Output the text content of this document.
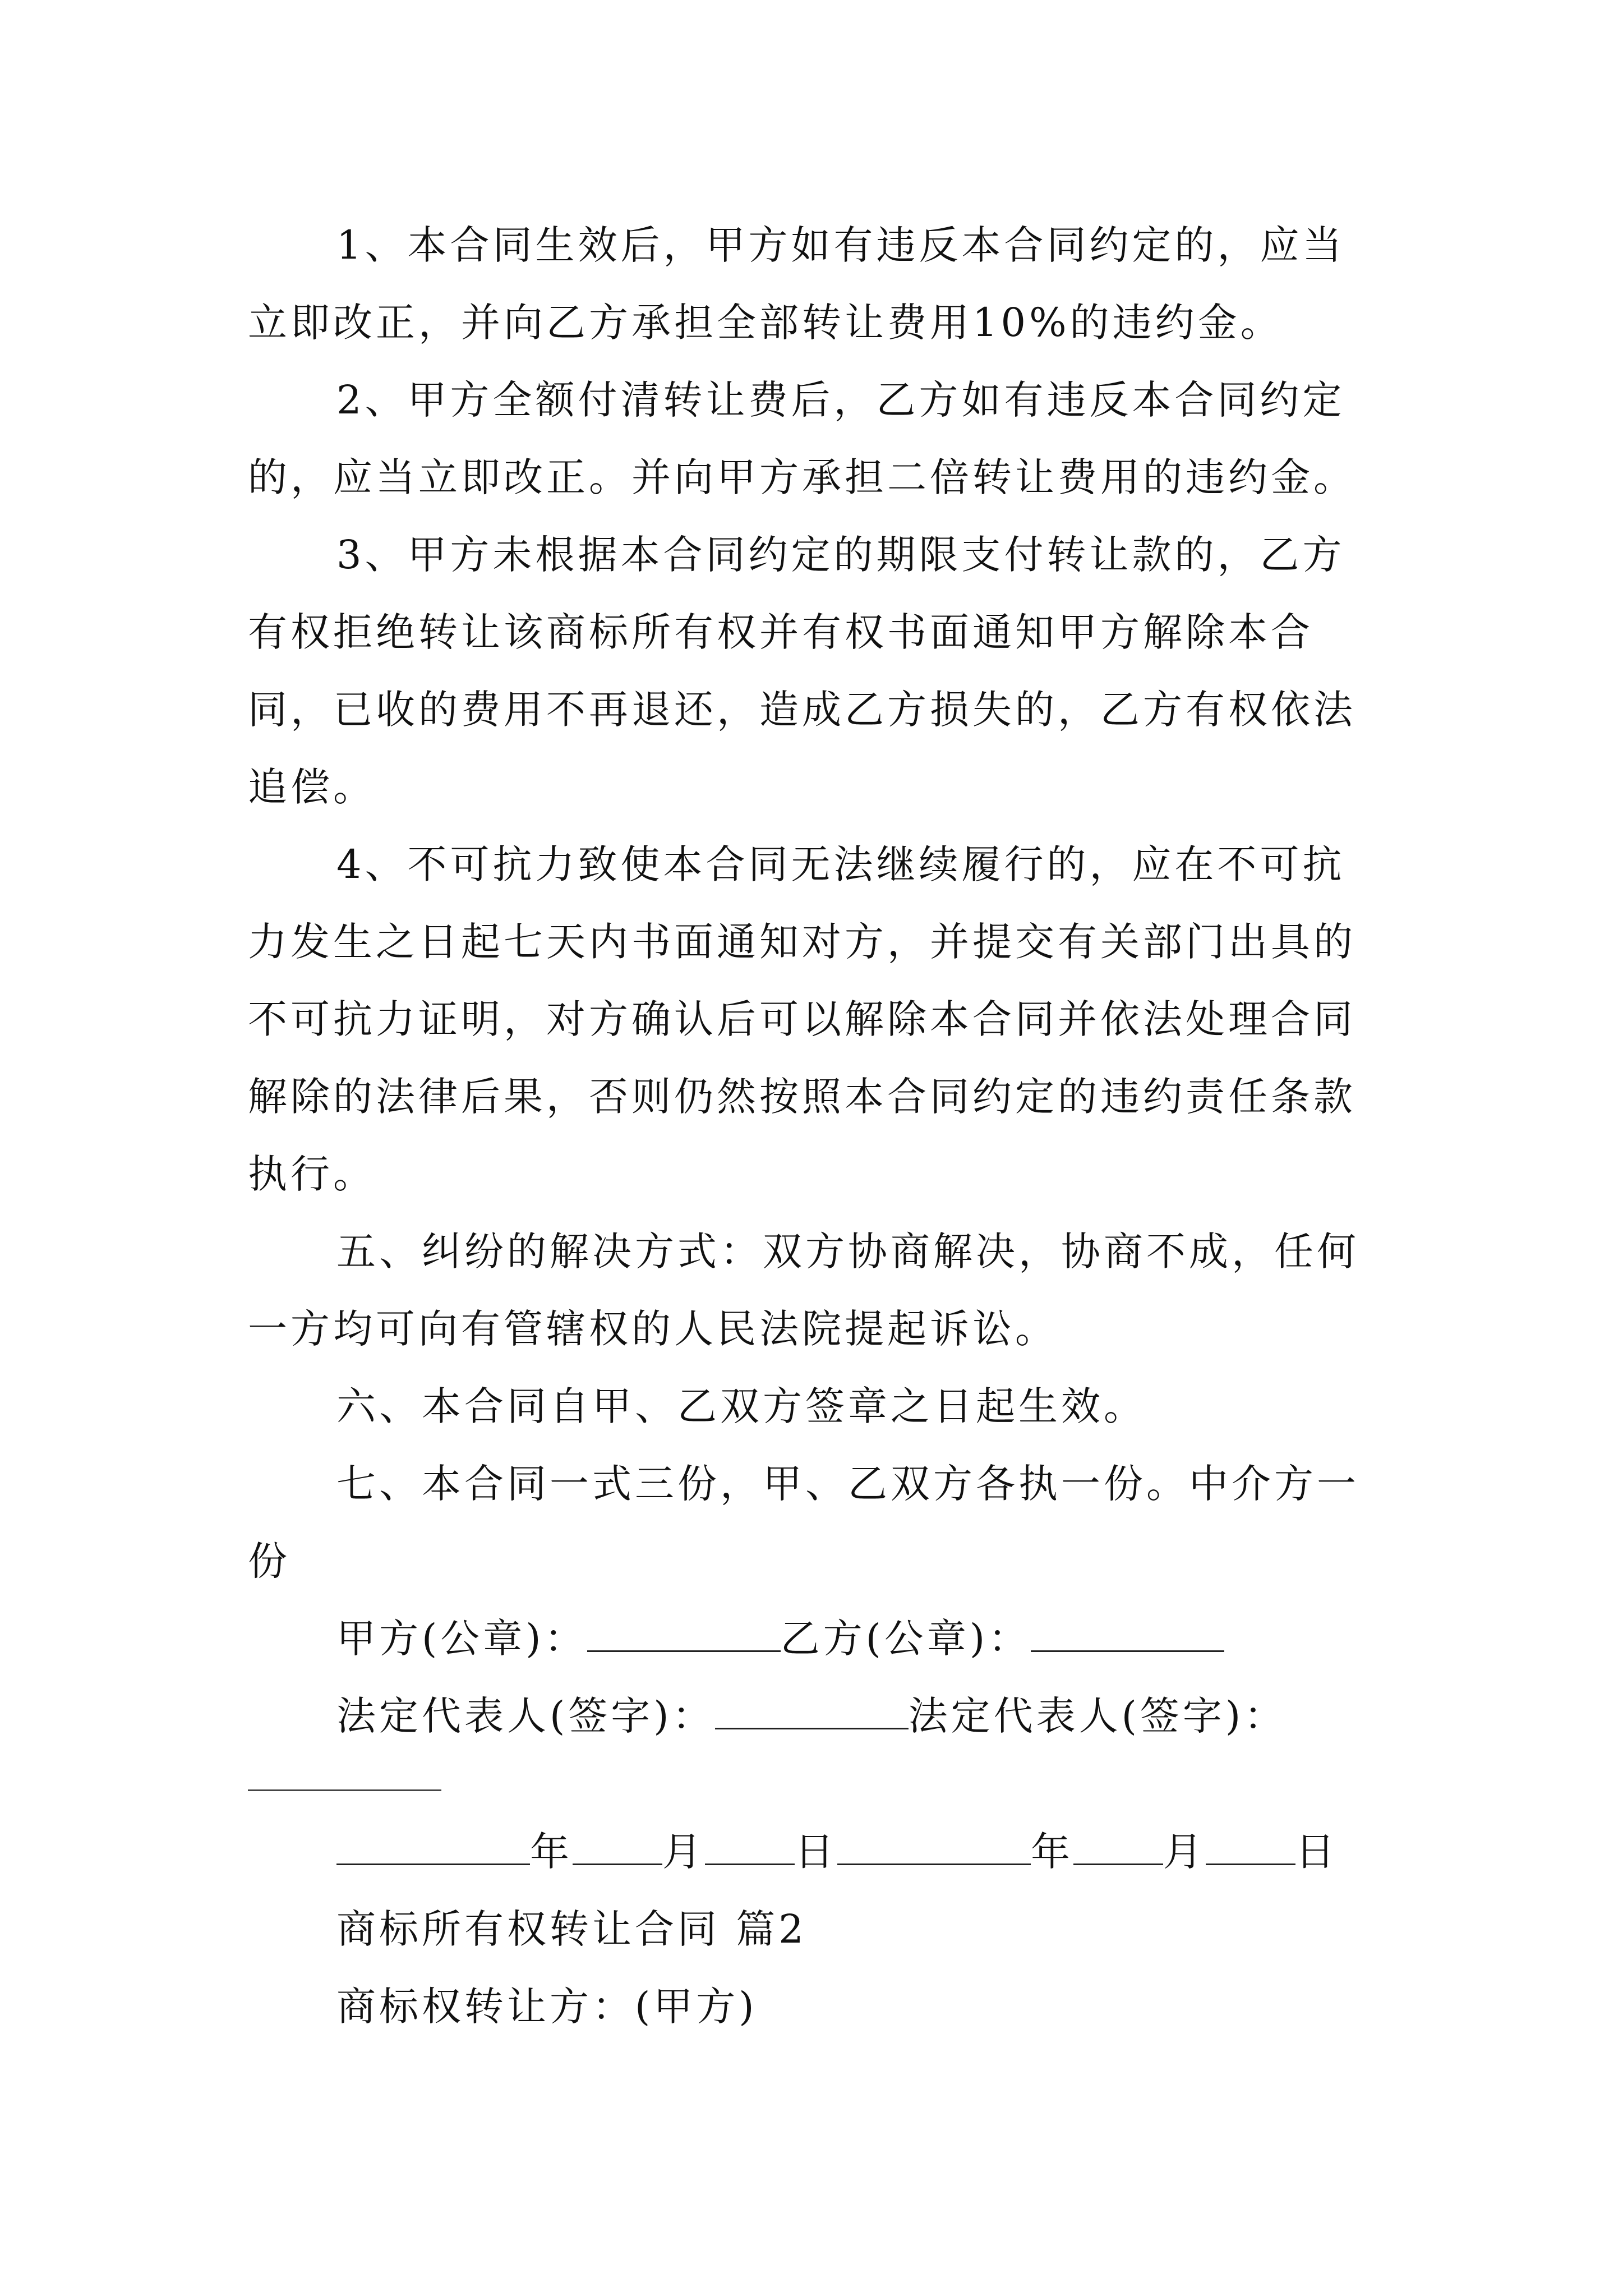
1、本合同生效后，甲方如有违反本合同约定的，应当
立即改正，并向乙方承担全部转让费用10%的违约金。
2、甲方全额付清转让费后，乙方如有违反本合同约定
的，应当立即改正。并向甲方承担二倍转让费用的违约金。
3、甲方未根据本合同约定的期限支付转让款的，乙方
有权拒绝转让该商标所有权并有权书面通知甲方解除本合
同，已收的费用不再退还，造成乙方损失的，乙方有权依法
追偿。
4、不可抗力致使本合同无法继续履行的，应在不可抗
力发生之日起七天内书面通知对方，并提交有关部门出具的
不可抗力证明，对方确认后可以解除本合同并依法处理合同
解除的法律后果，否则仍然按照本合同约定的违约责任条款
执行。
五、纠纷的解决方式：双方协商解决，协商不成，任何
一方均可向有管辖权的人民法院提起诉讼。
六、本合同自甲、乙双方签章之日起生效。
七、本合同一式三份，甲、乙双方各执一份。中介方一
份
甲方(公章)：	乙方(公章)：
法定代表人(签字)：	法定代表人(签字)：
年 月 日	年 月 日
商标所有权转让合同 篇2
商标权转让方：(甲方)
